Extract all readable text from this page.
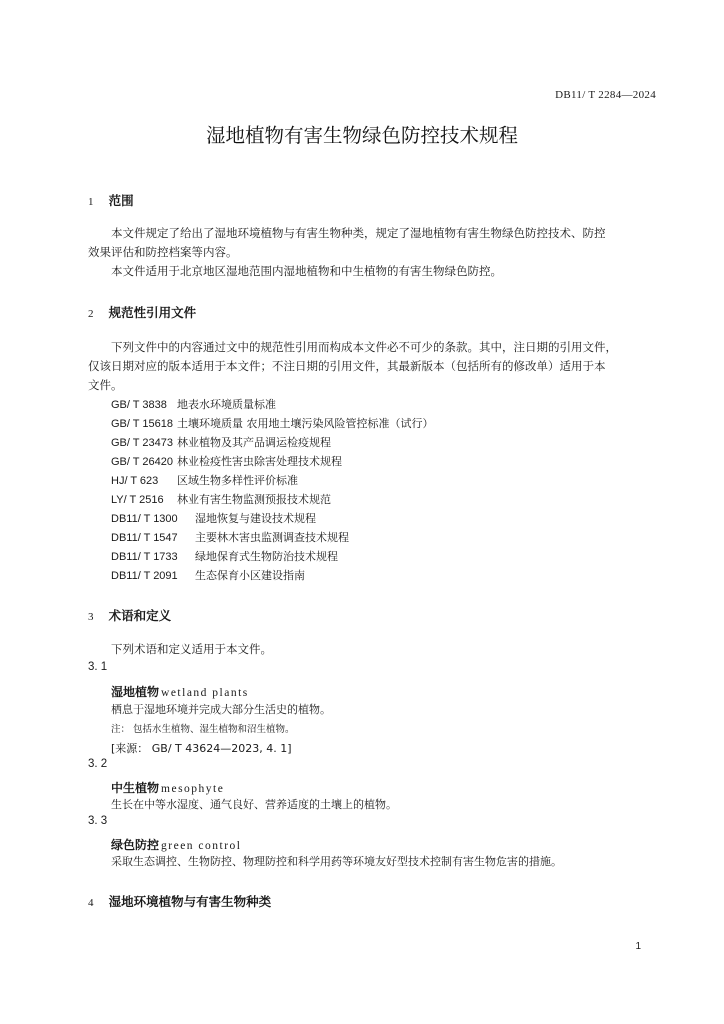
DB11/ T 2284—2024
湿地植物有害生物绿色防控技术规程
1 范围

本文件规定了给出了湿地环境植物与有害生物种类，规定了湿地植物有害生物绿色防控技术、防控

效果评估和防控档案等内容。

本文件适用于北京地区湿地范围内湿地植物和中生植物的有害生物绿色防控。

2 规范性引用文件

下列文件中的内容通过文中的规范性引用而构成本文件必不可少的条款。其中，注日期的引用文件，

仅该日期对应的版本适用于本文件；不注日期的引用文件，其最新版本（包括所有的修改单）适用于本

文件。

GB/ T 3838 地表水环境质量标准
GB/ T 15618 土壤环境质量 农用地土壤污染风险管控标准（试行）
GB/ T 23473 林业植物及其产品调运检疫规程
GB/ T 26420 林业检疫性害虫除害处理技术规程
HJ/ T 623 区域生物多样性评价标准
LY/ T 2516 林业有害生物监测预报技术规范
DB11/ T 1300 湿地恢复与建设技术规程
DB11/ T 1547 主要林木害虫监测调查技术规程
DB11/ T 1733 绿地保育式生物防治技术规程
DB11/ T 2091 生态保育小区建设指南
3 术语和定义
下列术语和定义适用于本文件。
3. 1
湿地植物 wetland plants
栖息于湿地环境并完成大部分生活史的植物。
注： 包括水生植物、湿生植物和沼生植物。
[来源： GB/ T 43624—2023, 4. 1]
3. 2
中生植物 mesophyte
生长在中等水湿度、通气良好、营养适度的土壤上的植物。
3. 3
绿色防控 green control
采取生态调控、生物防控、物理防控和科学用药等环境友好型技术控制有害生物危害的措施。
4 湿地环境植物与有害生物种类
1
